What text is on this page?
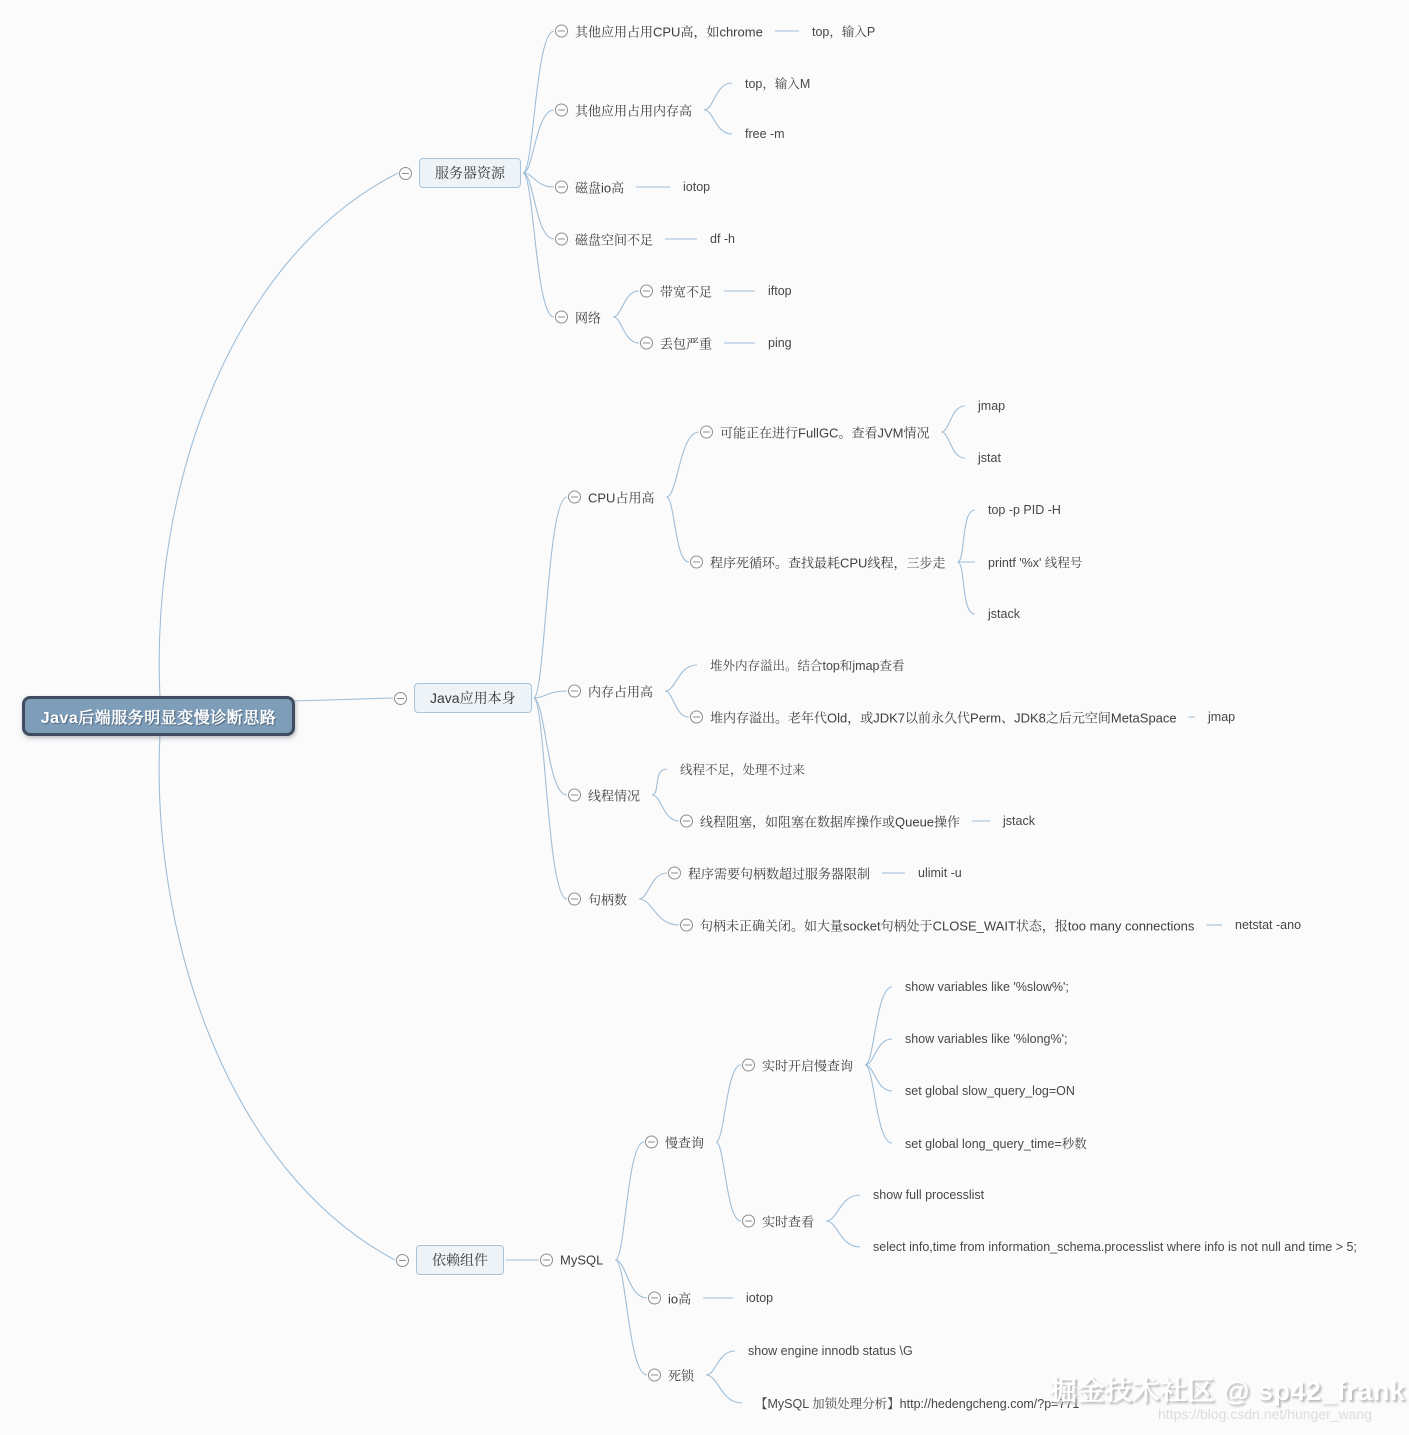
Java后端服务明显变慢诊断思路
服务器资源
Java应用本身
依赖组件
其他应用占用CPU高，如chrome	top，输入P
其他应用占用内存高
top，输入M
free -m
磁盘io高	iotop
磁盘空间不足	df -h
网络
带宽不足	iftop
丢包严重	ping
CPU占用高
可能正在进行FullGC。查看JVM情况
jmap
jstat
程序死循环。查找最耗CPU线程，三步走
top -p PID -H
printf '%x' 线程号
jstack
内存占用高
堆外内存溢出。结合top和jmap查看
堆内存溢出。老年代Old，或JDK7以前永久代Perm、JDK8之后元空间MetaSpace	jmap
线程情况
线程不足，处理不过来
线程阻塞，如阻塞在数据库操作或Queue操作	jstack
句柄数
程序需要句柄数超过服务器限制	ulimit -u
句柄未正确关闭。如大量socket句柄处于CLOSE_WAIT状态，报too many connections	netstat -ano
MySQL
慢查询
实时开启慢查询
show variables like '%slow%';
show variables like '%long%';
set global slow_query_log=ON
set global long_query_time=秒数
实时查看
show full processlist
select info,time from information_schema.processlist where info is not null and time > 5;
io高	iotop
死锁
show engine innodb status \G
【MySQL 加锁处理分析】http://hedengcheng.com/?p=771
掘金技术社区 @ sp42_frank
https://blog.csdn.net/hunger_wang
